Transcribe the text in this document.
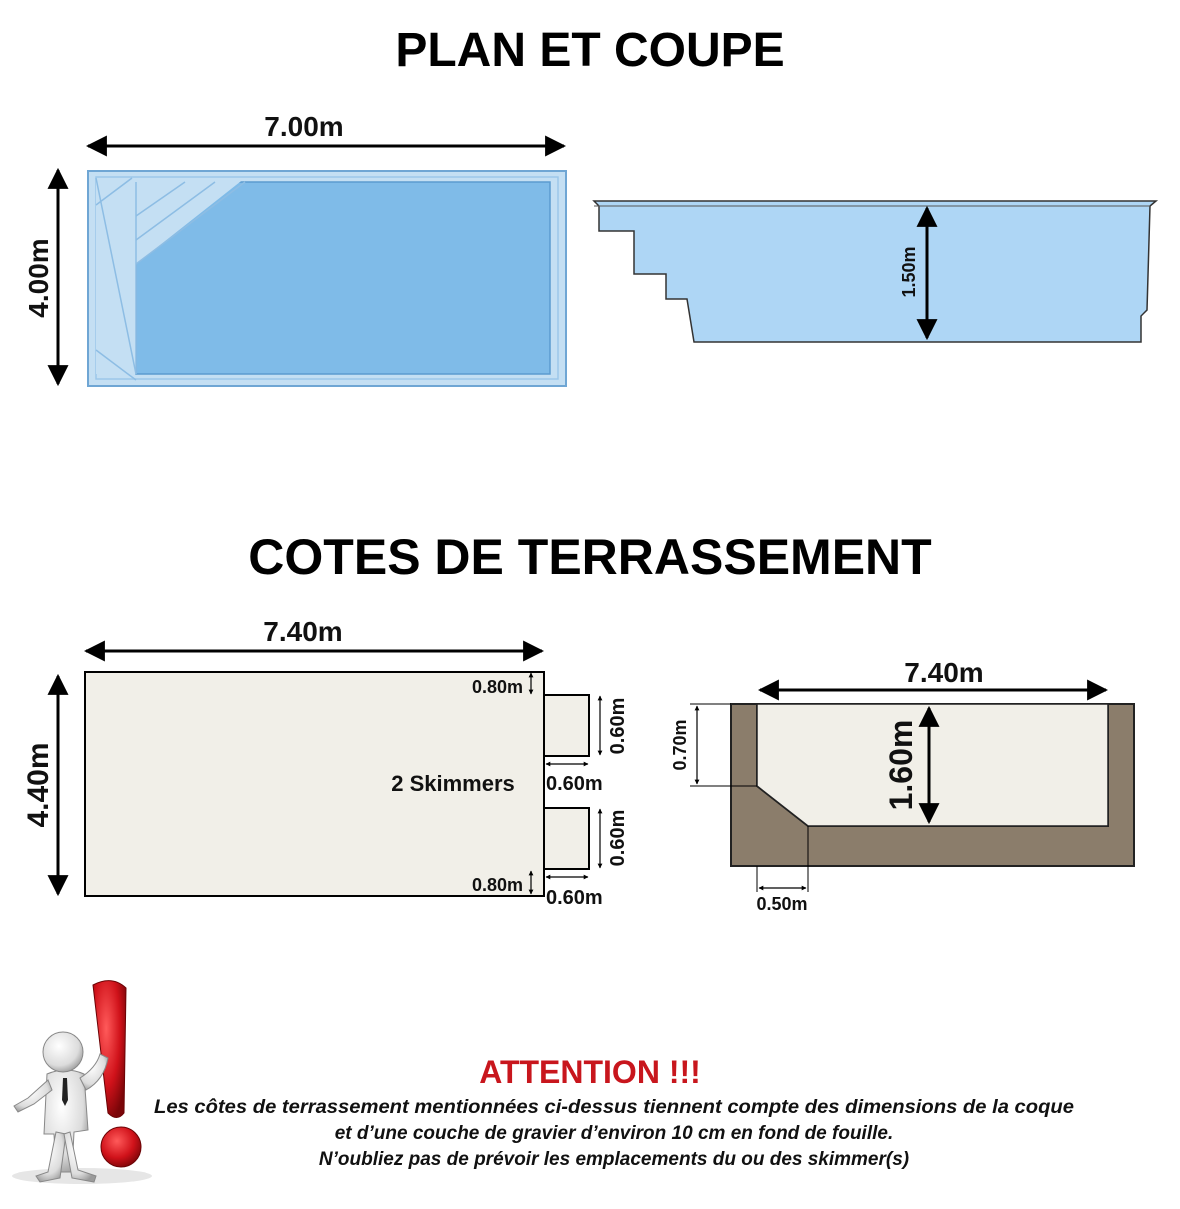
PLAN ET COUPE
7.00m
4.00m	1.50m
COTES DE TERRASSEMENT
7.40m
4.40m	2 Skimmers
0.80m
0.80m
0.60m
0.60m
0.60m
0.60m
7.40m
1.60m
0.70m
0.50m
ATTENTION !!!
Les côtes de terrassement mentionnées ci-dessus tiennent compte des dimensions de la coque
et d’une couche de gravier d’environ 10 cm en fond de fouille.
N’oubliez pas de prévoir les emplacements du ou des skimmer(s)
